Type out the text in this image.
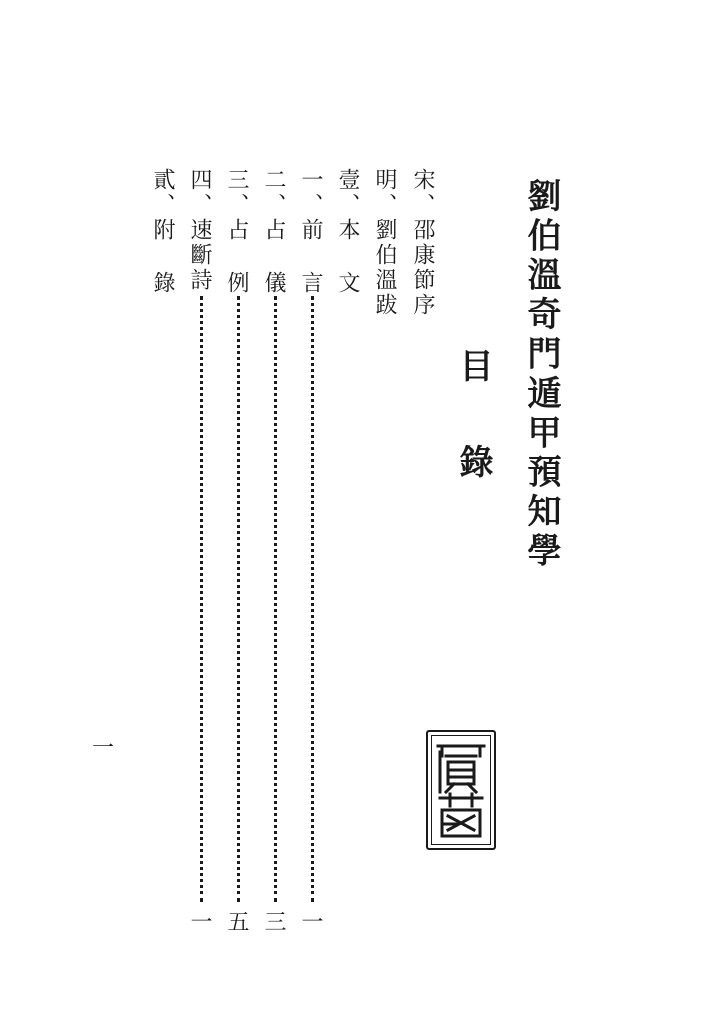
劉伯溫奇門遁甲預知學
目錄
宋、邵康節序
明、劉伯溫跋
壹、本 文
一、前 言
一
二、占 儀
三
三、占 例
五
四、速斷詩
一
貳、附 錄
一
